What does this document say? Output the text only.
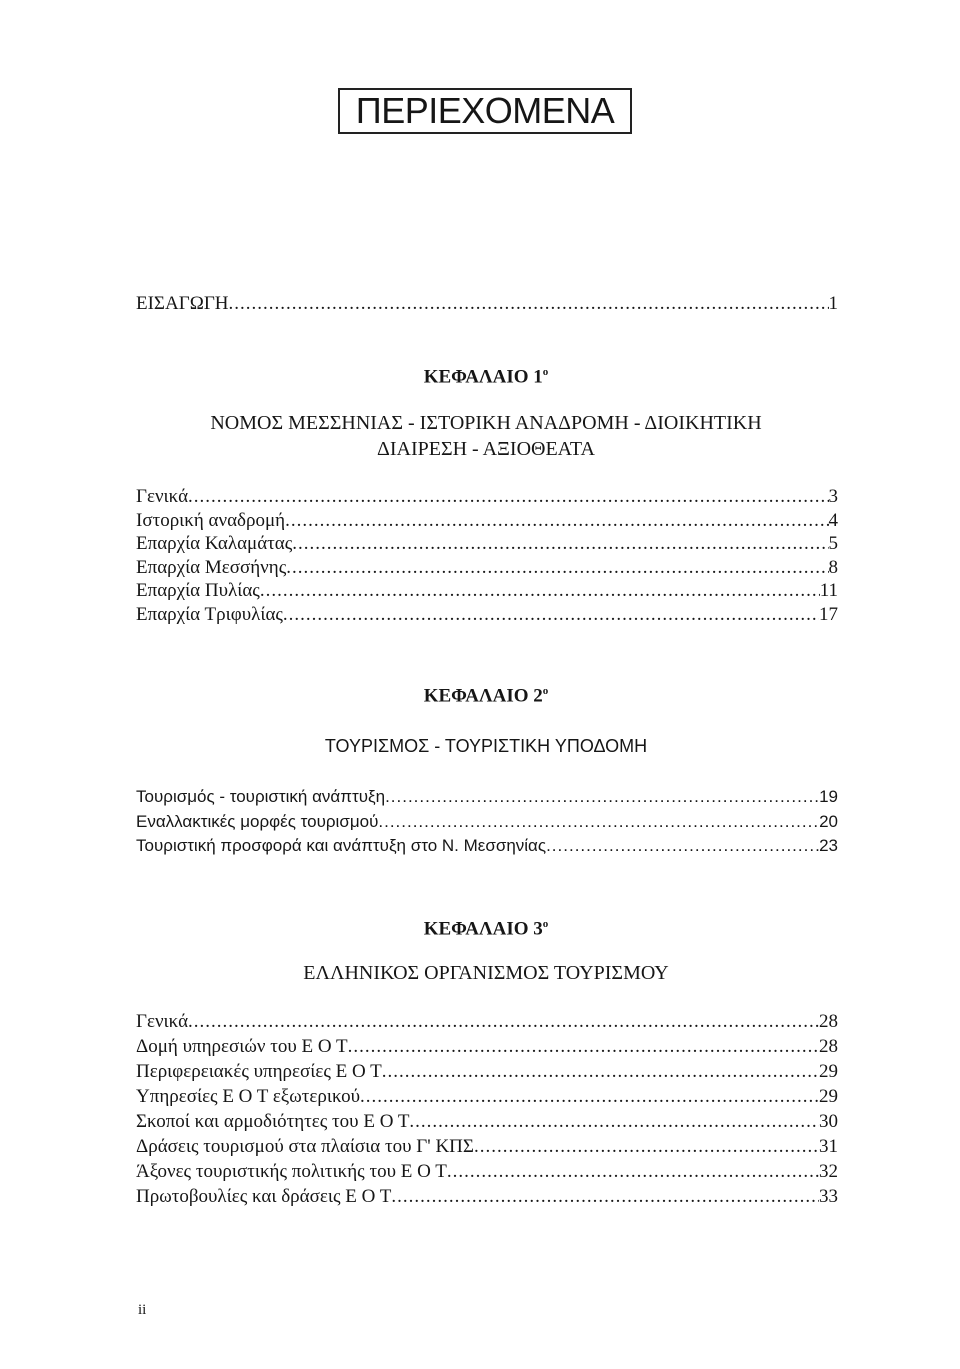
ΠΕΡΙΕΧΟΜΕΝΑ
ΕΙΣΑΓΩΓΗ .....	1
ΚΕΦΑΛΑΙΟ $1^o$
ΝΟΜΟΣ ΜΕΣΣΗΝΙΑΣ - ΙΣΤΟΡΙΚΗ ΑΝΑΔΡΟΜΗ - ΔΙΟΙΚΗΤΙΚΗ
ΔΙΑΙΡΕΣΗ - ΑΞΙΟΘΕΑΤΑ
Γενικά .....	3
Ιστορική αναδρομή .....	4
Επαρχία Καλαμάτας .....	5
Επαρχία Μεσσήνης .....	8
Επαρχία Πυλίας .....	11
Επαρχία Τριφυλίας .....	17
ΚΕΦΑΛΑΙΟ $2^o$
ΤΟΥΡΙΣΜΟΣ - ΤΟΥΡΙΣΤΙΚΗ ΥΠΟΔΟΜΗ
Τουρισμός - τουριστική ανάπτυξη .....	19
Εναλλακτικές μορφές τουρισμού .....	20
Τουριστική προσφορά και ανάπτυξη στο Ν. Μεσσηνίας .....	23
ΚΕΦΑΛΑΙΟ $3^o$
ΕΛΛΗΝΙΚΟΣ ΟΡΓΑΝΙΣΜΟΣ ΤΟΥΡΙΣΜΟΥ
Γενικά .....	28
Δομή υπηρεσιών του Ε Ο Τ .....	28
Περιφερειακές υπηρεσίες Ε Ο Τ .....	29
Υπηρεσίες Ε Ο Τ εξωτερικού .....	29
Σκοποί και αρμοδιότητες του Ε Ο Τ .....	30
Δράσεις τουρισμού στα πλαίσια του Γ' ΚΠΣ .....	31
Άξονες τουριστικής πολιτικής του Ε Ο Τ .....	32
Πρωτοβουλίες και δράσεις Ε Ο Τ .....	33
ii
